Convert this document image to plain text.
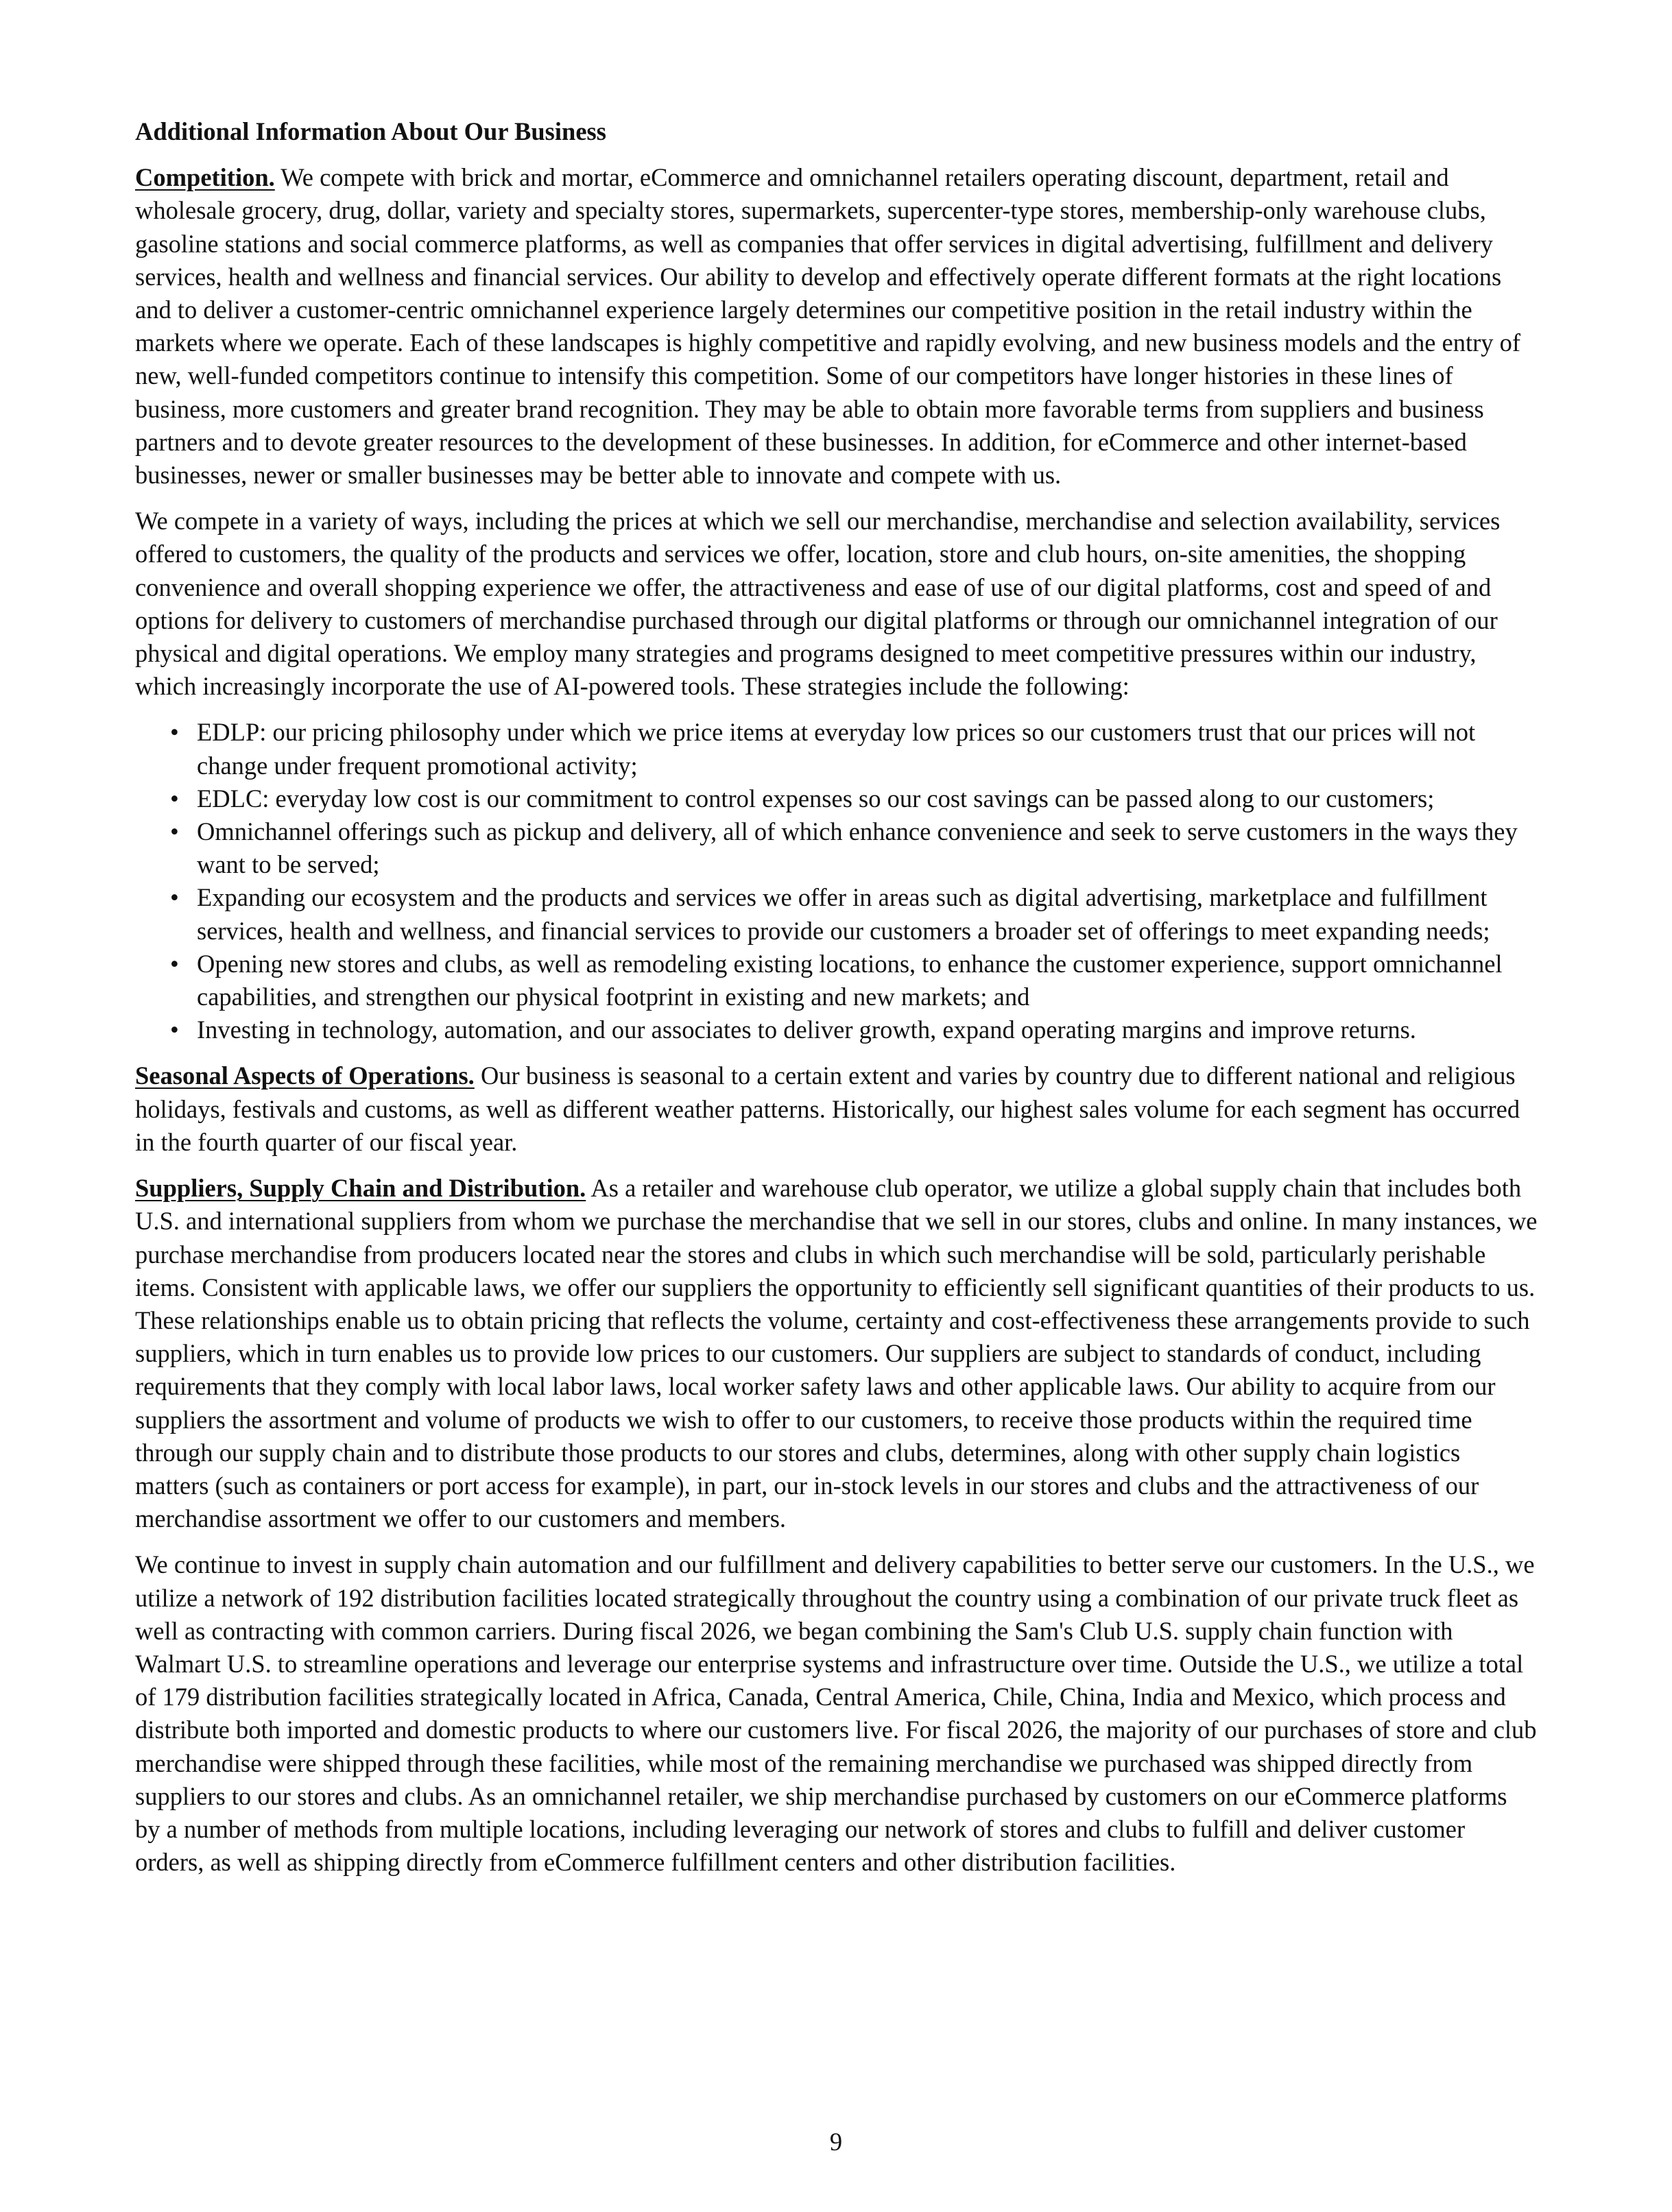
Additional Information About Our Business

Competition. We compete with brick and mortar, eCommerce and omnichannel retailers operating discount, department, retail and wholesale grocery, drug, dollar, variety and specialty stores, supermarkets, supercenter-type stores, membership-only warehouse clubs, gasoline stations and social commerce platforms, as well as companies that offer services in digital advertising, fulfillment and delivery services, health and wellness and financial services. Our ability to develop and effectively operate different formats at the right locations and to deliver a customer-centric omnichannel experience largely determines our competitive position in the retail industry within the markets where we operate. Each of these landscapes is highly competitive and rapidly evolving, and new business models and the entry of new, well-funded competitors continue to intensify this competition. Some of our competitors have longer histories in these lines of business, more customers and greater brand recognition. They may be able to obtain more favorable terms from suppliers and business partners and to devote greater resources to the development of these businesses. In addition, for eCommerce and other internet-based businesses, newer or smaller businesses may be better able to innovate and compete with us.

We compete in a variety of ways, including the prices at which we sell our merchandise, merchandise and selection availability, services offered to customers, the quality of the products and services we offer, location, store and club hours, on-site amenities, the shopping convenience and overall shopping experience we offer, the attractiveness and ease of use of our digital platforms, cost and speed of and options for delivery to customers of merchandise purchased through our digital platforms or through our omnichannel integration of our physical and digital operations. We employ many strategies and programs designed to meet competitive pressures within our industry, which increasingly incorporate the use of AI-powered tools. These strategies include the following:

• EDLP: our pricing philosophy under which we price items at everyday low prices so our customers trust that our prices will not change under frequent promotional activity;
• EDLC: everyday low cost is our commitment to control expenses so our cost savings can be passed along to our customers;
• Omnichannel offerings such as pickup and delivery, all of which enhance convenience and seek to serve customers in the ways they want to be served;
• Expanding our ecosystem and the products and services we offer in areas such as digital advertising, marketplace and fulfillment services, health and wellness, and financial services to provide our customers a broader set of offerings to meet expanding needs;
• Opening new stores and clubs, as well as remodeling existing locations, to enhance the customer experience, support omnichannel capabilities, and strengthen our physical footprint in existing and new markets; and
• Investing in technology, automation, and our associates to deliver growth, expand operating margins and improve returns.

Seasonal Aspects of Operations. Our business is seasonal to a certain extent and varies by country due to different national and religious holidays, festivals and customs, as well as different weather patterns. Historically, our highest sales volume for each segment has occurred in the fourth quarter of our fiscal year.

Suppliers, Supply Chain and Distribution. As a retailer and warehouse club operator, we utilize a global supply chain that includes both U.S. and international suppliers from whom we purchase the merchandise that we sell in our stores, clubs and online. In many instances, we purchase merchandise from producers located near the stores and clubs in which such merchandise will be sold, particularly perishable items. Consistent with applicable laws, we offer our suppliers the opportunity to efficiently sell significant quantities of their products to us. These relationships enable us to obtain pricing that reflects the volume, certainty and cost-effectiveness these arrangements provide to such suppliers, which in turn enables us to provide low prices to our customers. Our suppliers are subject to standards of conduct, including requirements that they comply with local labor laws, local worker safety laws and other applicable laws. Our ability to acquire from our suppliers the assortment and volume of products we wish to offer to our customers, to receive those products within the required time through our supply chain and to distribute those products to our stores and clubs, determines, along with other supply chain logistics matters (such as containers or port access for example), in part, our in-stock levels in our stores and clubs and the attractiveness of our merchandise assortment we offer to our customers and members.

We continue to invest in supply chain automation and our fulfillment and delivery capabilities to better serve our customers. In the U.S., we utilize a network of 192 distribution facilities located strategically throughout the country using a combination of our private truck fleet as well as contracting with common carriers. During fiscal 2026, we began combining the Sam's Club U.S. supply chain function with Walmart U.S. to streamline operations and leverage our enterprise systems and infrastructure over time. Outside the U.S., we utilize a total of 179 distribution facilities strategically located in Africa, Canada, Central America, Chile, China, India and Mexico, which process and distribute both imported and domestic products to where our customers live. For fiscal 2026, the majority of our purchases of store and club merchandise were shipped through these facilities, while most of the remaining merchandise we purchased was shipped directly from suppliers to our stores and clubs. As an omnichannel retailer, we ship merchandise purchased by customers on our eCommerce platforms by a number of methods from multiple locations, including leveraging our network of stores and clubs to fulfill and deliver customer orders, as well as shipping directly from eCommerce fulfillment centers and other distribution facilities.

9
